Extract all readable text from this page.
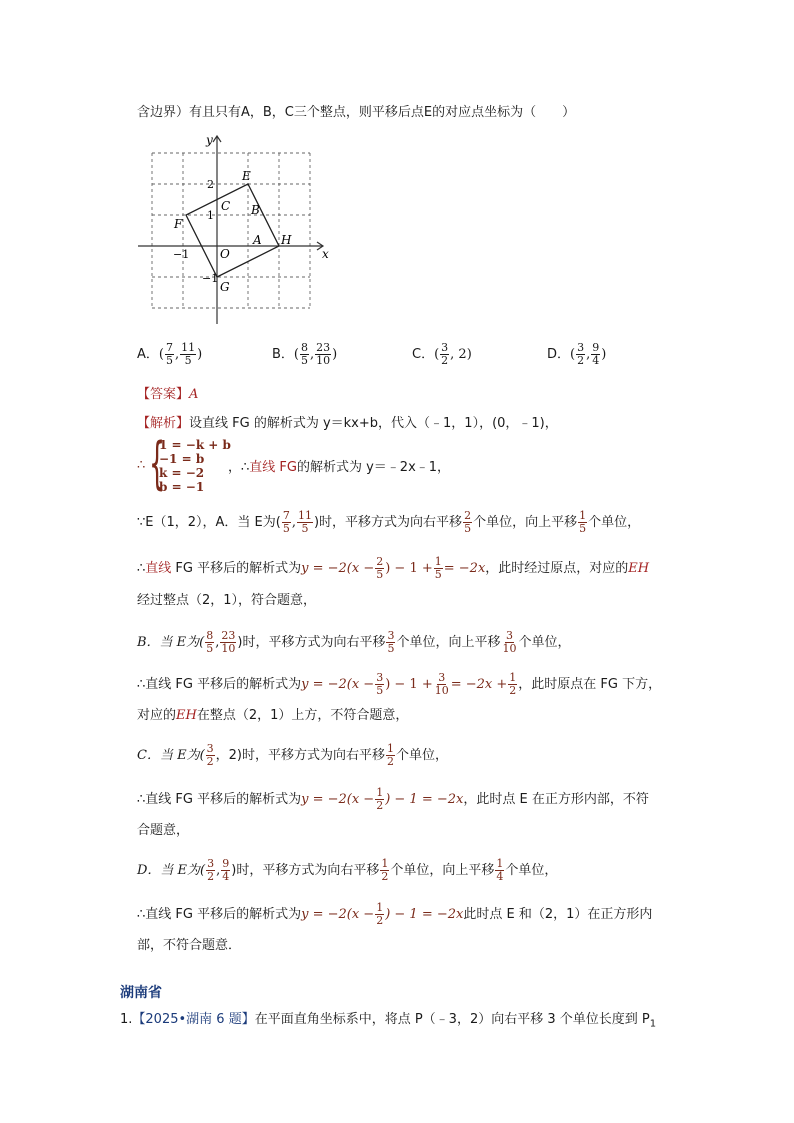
含边界）有且只有A，B，C三个整点，则平移后点E的对应点坐标为（　　）
x
y
2
1
−1
−1
O
E
F
C B
A H
G
A．( $\frac{7}{5}$ , $\frac{11}{5}$ )	B．( $\frac{8}{5}$ , $\frac{23}{10}$ )	C．( $\frac{3}{2}$ , 2)	D．( $\frac{3}{2}$ , $\frac{9}{4}$ )
【答案】A
【解析】设直线 FG 的解析式为 y＝kx+b，代入（﹣1，1），(0，﹣1)，
∴ {
1 = −k + b
−1 = b
k = −2
b = −1
，∴直线 FG的解析式为 y＝﹣2x﹣1，
∵E（1，2），A．当 E为( $\frac{7}{5}$ , $\frac{11}{5}$ )时，平移方式为向右平移 $\frac{2}{5}$ 个单位，向上平移 $\frac{1}{5}$ 个单位，
∴直线 FG 平移后的解析式为$y = -2(x - \frac{2}{5}$ ) − $1 + \frac{1}{5} = -2x$，此时经过原点，对应的EH
经过整点（2，1），符合题意，
B．当 E为( $\frac{8}{5}$ , $\frac{23}{10}$ )时，平移方式为向右平移 $\frac{3}{5}$ 个单位，向上平移 $\frac{3}{10}$ 个单位，
∴直线 FG 平移后的解析式为$y = -2(x - \frac{3}{5}$ ) − $1 + \frac{3}{10} = -2x + \frac{1}{2}$ ，此时原点在 FG 下方，
对应的EH在整点（2，1）上方，不符合题意，
C．当 E为( $\frac{3}{2}$ ，2)时，平移方式为向右平移 $\frac{1}{2}$ 个单位，
∴直线 FG 平移后的解析式为$y = -2(x - \frac{1}{2}$ ) − 1 = −2x，此时点 E 在正方形内部，不符
合题意，
D．当 E为( $\frac{3}{2}$ , $\frac{9}{4}$ )时，平移方式为向右平移 $\frac{1}{2}$ 个单位，向上平移 $\frac{1}{4}$ 个单位，
∴直线 FG 平移后的解析式为$y = -2(x - \frac{1}{2}$ ) − 1 = −2x此时点 E 和（2，1）在正方形内
部，不符合题意．
湖南省
1.【2025•湖南 6 题】在平面直角坐标系中，将点 P（﹣3，2）向右平移 3 个单位长度到 $P_1$
